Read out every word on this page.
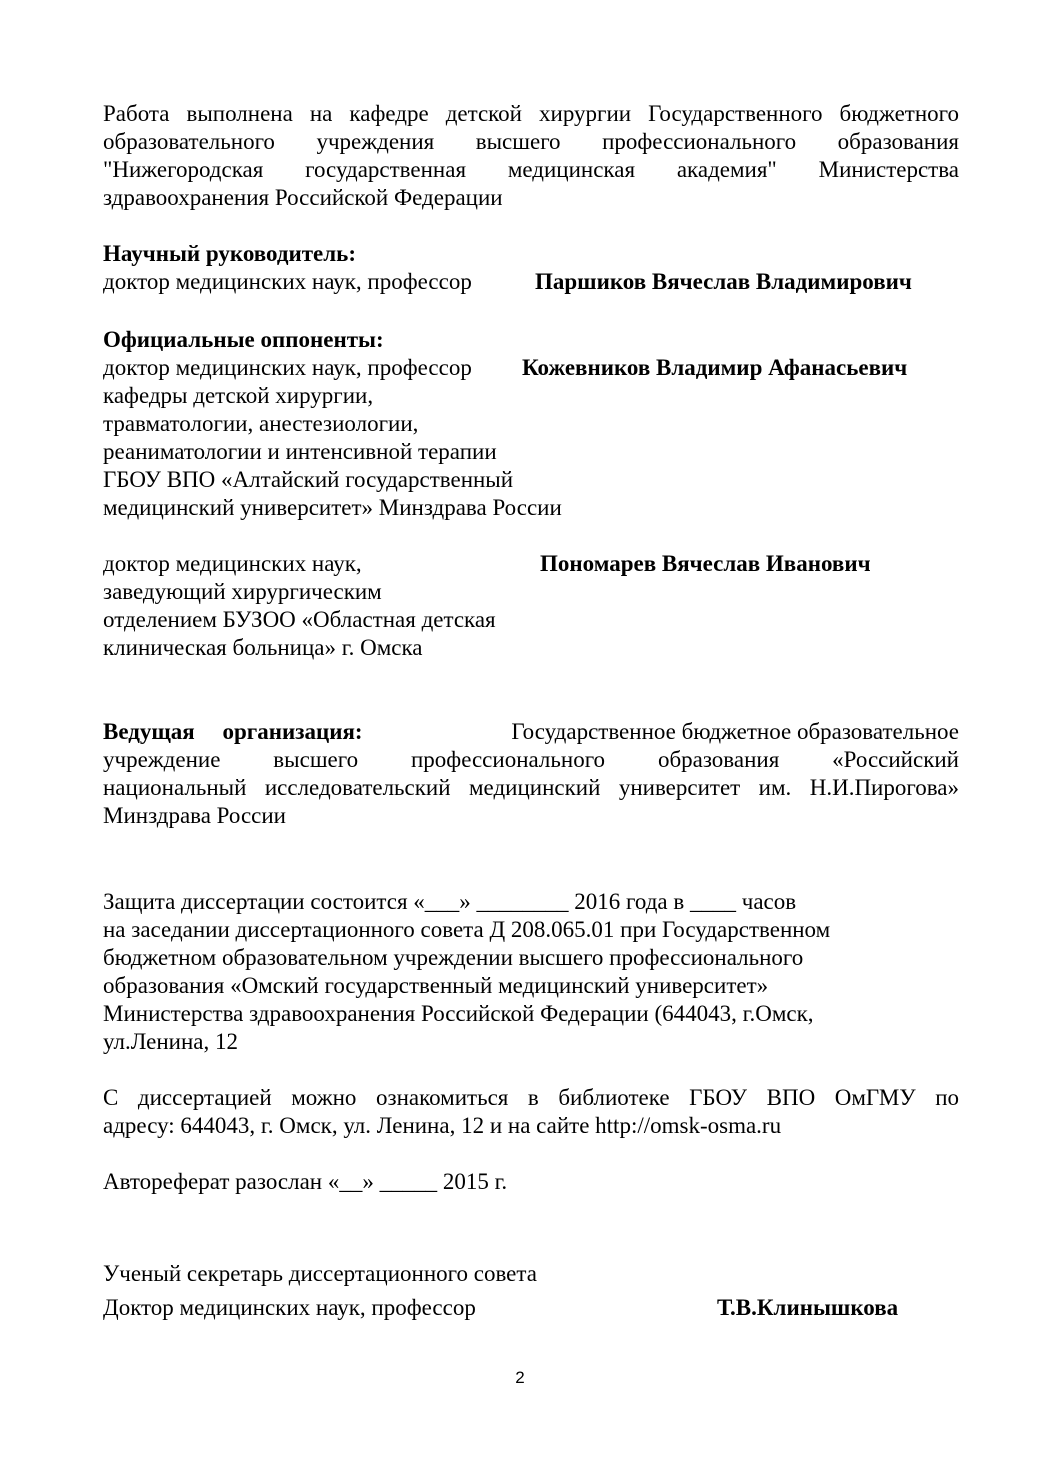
Работа выполнена на кафедре детской хирургии Государственного бюджетного
образовательного учреждения высшего профессионального образования
"Нижегородская государственная медицинская академия" Министерства
здравоохранения Российской Федерации
Научный руководитель:
доктор медицинских наук, профессор	Паршиков Вячеслав Владимирович
Официальные оппоненты:
доктор медицинских наук, профессор	Кожевников Владимир Афанасьевич
кафедры детской хирургии,
травматологии, анестезиологии,
реаниматологии и интенсивной терапии
ГБОУ ВПО «Алтайский государственный
медицинский университет» Минздрава России
доктор медицинских наук,	Пономарев Вячеслав Иванович
заведующий хирургическим
отделением БУЗОО «Областная детская
клиническая больница» г. Омска
Ведущая организация:	Государственное бюджетное образовательное
учреждение высшего профессионального образования «Российский
национальный исследовательский медицинский университет им. Н.И.Пирогова»
Минздрава России
Защита диссертации состоится «___» ________ 2016 года в ____ часов
на заседании диссертационного совета Д 208.065.01 при Государственном
бюджетном образовательном учреждении высшего профессионального
образования «Омский государственный медицинский университет»
Министерства здравоохранения Российской Федерации (644043, г.Омск,
ул.Ленина, 12
С диссертацией можно ознакомиться в библиотеке ГБОУ ВПО ОмГМУ по
адресу: 644043, г. Омск, ул. Ленина, 12 и на сайте http://omsk-osma.ru
Автореферат разослан «__» _____ 2015 г.
Ученый секретарь диссертационного совета
Доктор медицинских наук, профессор	Т.В.Клинышкова
2
